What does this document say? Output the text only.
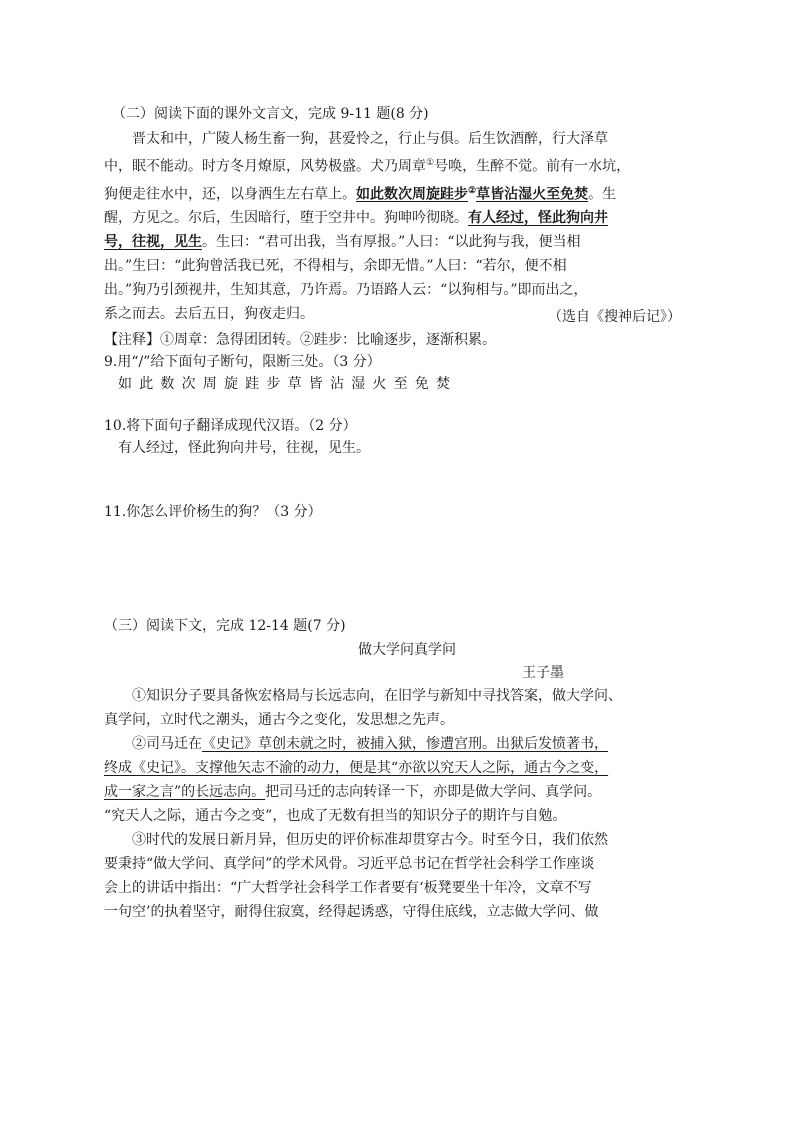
（二）阅读下面的课外文言文，完成 9-11 题(8 分)

晋太和中，广陵人杨生畜一狗，甚爱怜之，行止与俱。后生饮酒醉，行大泽草

中，眠不能动。时方冬月燎原，风势极盛。犬乃周章①号唤，生醉不觉。前有一水坑，

狗便走往水中，还，以身洒生左右草上。如此数次周旋跬步②草皆沾湿火至免焚。生

醒，方见之。尔后，生因暗行，堕于空井中。狗呻吟彻晓。有人经过，怪此狗向井

号，往视，见生。生曰：“君可出我，当有厚报。”人曰：“以此狗与我，便当相

出。”生曰：“此狗曾活我已死，不得相与，余即无惜。”人曰：“若尔，便不相

出。”狗乃引颈视井，生知其意，乃许焉。乃语路人云：“以狗相与。”即而出之，

系之而去。去后五日，狗夜走归。	（选自《搜神后记》）
【注释】①周章：急得团团转。②跬步：比喻逐步，逐渐积累。
9.用“/”给下面句子断句，限断三处。（3 分）
如此数次周旋跬步草皆沾湿火至免焚
10.将下面句子翻译成现代汉语。（2 分）
有人经过，怪此狗向井号，往视，见生。
11.你怎么评价杨生的狗？（3 分）
（三）阅读下文，完成 12-14 题(7 分)
做大学问真学问
王子墨

①知识分子要具备恢宏格局与长远志向，在旧学与新知中寻找答案，做大学问、

真学问，立时代之潮头，通古今之变化，发思想之先声。

②司马迁在《史记》草创未就之时，被捕入狱，惨遭宫刑。出狱后发愤著书，

终成《史记》。支撑他矢志不渝的动力，便是其“亦欲以究天人之际，通古今之变，

成一家之言”的长远志向。把司马迁的志向转译一下，亦即是做大学问、真学问。

“究天人之际，通古今之变”，也成了无数有担当的知识分子的期许与自勉。

③时代的发展日新月异，但历史的评价标准却贯穿古今。时至今日，我们依然

要秉持“做大学问、真学问”的学术风骨。习近平总书记在哲学社会科学工作座谈

会上的讲话中指出：“广大哲学社会科学工作者要有‘板凳要坐十年冷，文章不写

一句空’的执着坚守，耐得住寂寞，经得起诱惑，守得住底线，立志做大学问、做
